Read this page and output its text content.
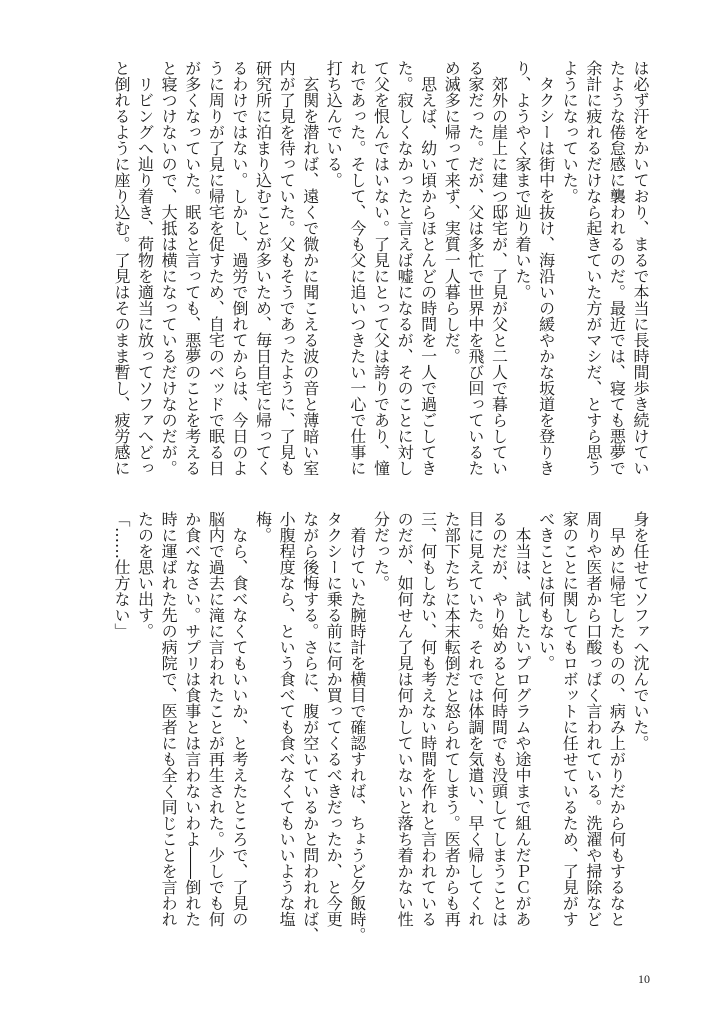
は必ず汗をかいており、まるで本当に長時間歩き続けてい
たような倦怠感に襲われるのだ。最近では、寝ても悪夢で
余計に疲れるだけなら起きていた方がマシだ、とすら思う
ようになっていた。
　タクシーは街中を抜け、海沿いの緩やかな坂道を登りき
り、ようやく家まで辿り着いた。
　郊外の崖上に建つ邸宅が、了見が父と二人で暮らしてい
る家だった。だが、父は多忙で世界中を飛び回っているた
め滅多に帰って来ず、実質一人暮らしだ。
　思えば、幼い頃からほとんどの時間を一人で過ごしてき
た。寂しくなかったと言えば嘘になるが、そのことに対し
て父を恨んではいない。了見にとって父は誇りであり、憧
れであった。そして、今も父に追いつきたい一心で仕事に
打ち込んでいる。
　玄関を潜れば、遠くで微かに聞こえる波の音と薄暗い室
内が了見を待っていた。父もそうであったように、了見も
研究所に泊まり込むことが多いため、毎日自宅に帰ってく
るわけではない。しかし、過労で倒れてからは、今日のよ
うに周りが了見に帰宅を促すため、自宅のベッドで眠る日
が多くなっていた。眠ると言っても、悪夢のことを考える
と寝つけないので、大抵は横になっているだけなのだが。
　リビングへ辿り着き、荷物を適当に放ってソファへどっ
と倒れるように座り込む。了見はそのまま暫し、疲労感に
身を任せてソファへ沈んでいた。
　早めに帰宅したものの、病み上がりだから何もするなと
周りや医者から口酸っぱく言われている。洗濯や掃除など
家のことに関してもロボットに任せているため、了見がす
べきことは何もない。
　本当は、試したいプログラムや途中まで組んだＰＣがあ
るのだが、やり始めると何時間でも没頭してしまうことは
目に見えていた。それでは体調を気遣い、早く帰してくれ
た部下たちに本末転倒だと怒られてしまう。医者からも再
三、何もしない、何も考えない時間を作れと言われている
のだが、如何せん了見は何かしていないと落ち着かない性
分だった。
　着けていた腕時計を横目で確認すれば、ちょうど夕飯時。
タクシーに乗る前に何か買ってくるべきだったか、と今更
ながら後悔する。さらに、腹が空いているかと問われれば、
小腹程度なら、という食べても食べなくてもいいような塩
梅。
　なら、食べなくてもいいか、と考えたところで、了見の
脳内で過去に滝に言われたことが再生された。少しでも何
か食べなさい。サプリは食事とは言わないわよ――倒れた
時に運ばれた先の病院で、医者にも全く同じことを言われ
たのを思い出す。
「……仕方ない」
10
